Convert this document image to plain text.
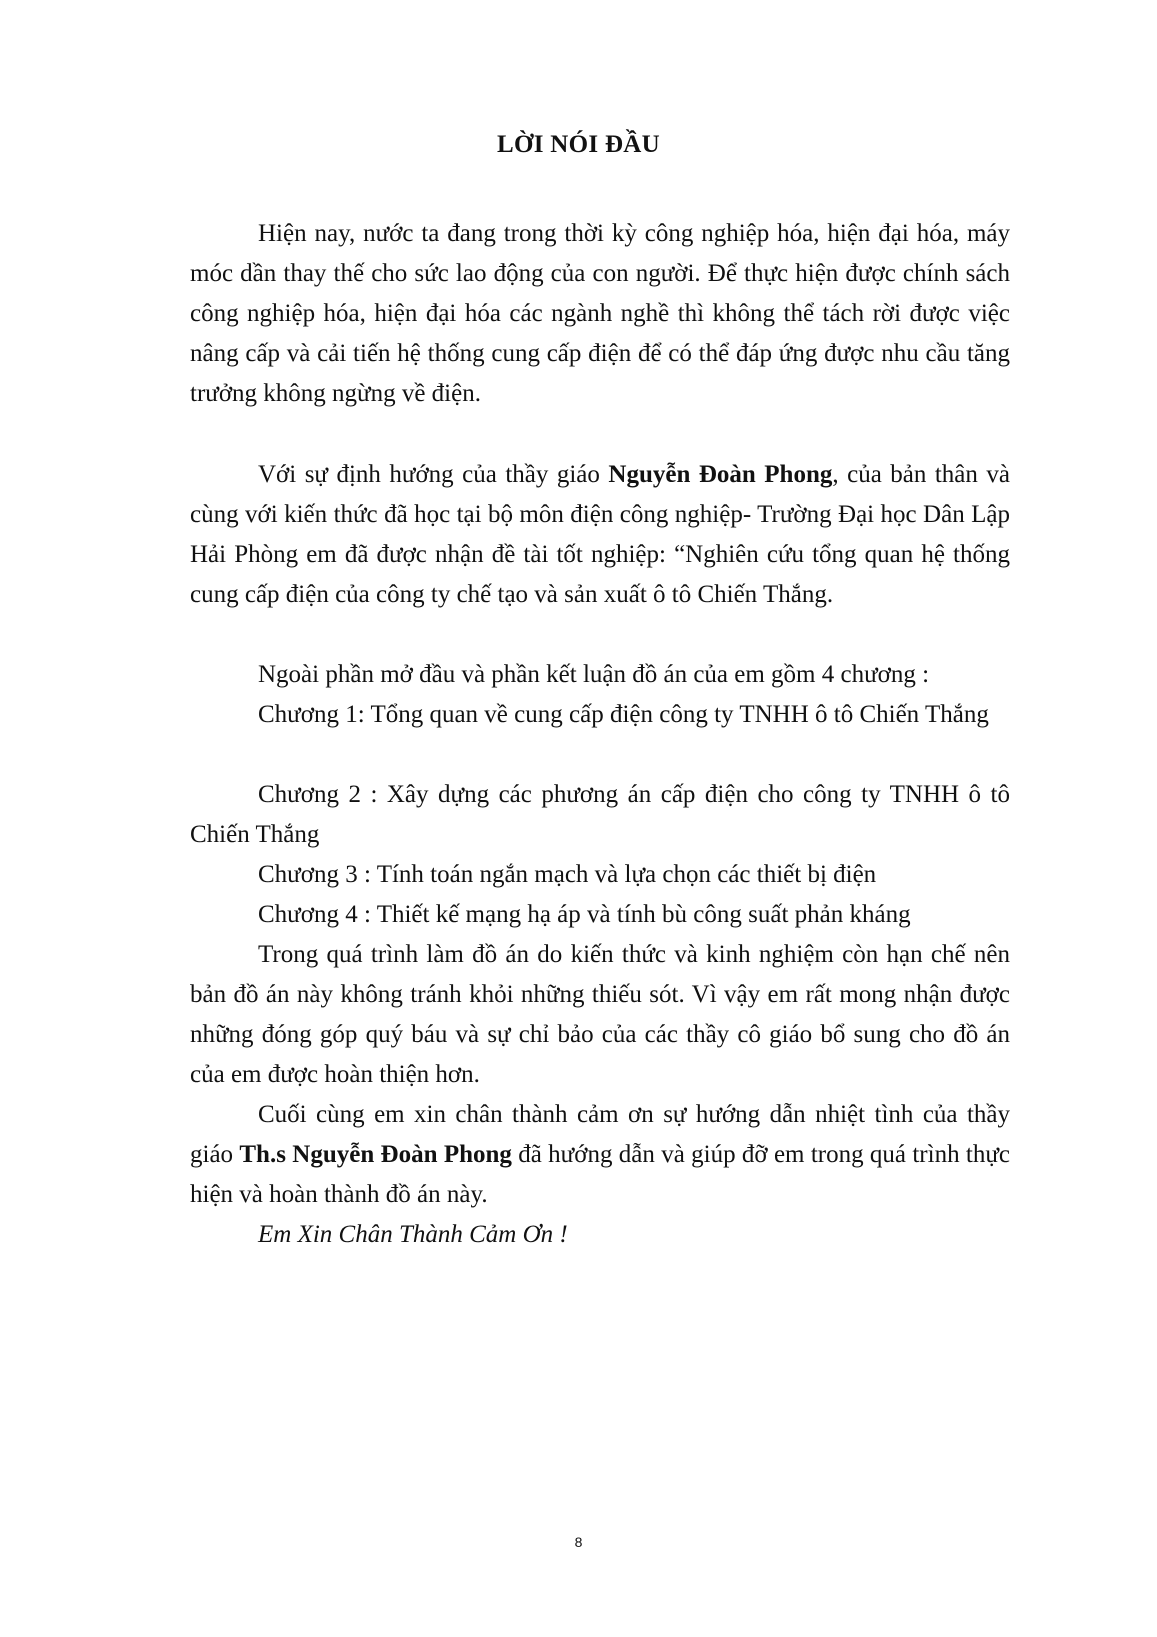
LỜI NÓI ĐẦU

Hiện nay, nước ta đang trong thời kỳ công nghiệp hóa, hiện đại hóa, máy móc dần thay thế cho sức lao động của con người. Để thực hiện được chính sách công nghiệp hóa, hiện đại hóa các ngành nghề thì không thể tách rời được việc nâng cấp và cải tiến hệ thống cung cấp điện để có thể đáp ứng được nhu cầu tăng trưởng không ngừng về điện.

Với sự định hướng của thầy giáo Nguyễn Đoàn Phong, của bản thân và cùng với kiến thức đã học tại bộ môn điện công nghiệp- Trường Đại học Dân Lập Hải Phòng em đã được nhận đề tài tốt nghiệp: “Nghiên cứu tổng quan hệ thống cung cấp điện của công ty chế tạo và sản xuất ô tô Chiến Thắng.

Ngoài phần mở đầu và phần kết luận đồ án của em gồm 4 chương :

Chương 1: Tổng quan về cung cấp điện công ty TNHH ô tô Chiến Thắng

Chương 2 : Xây dựng các phương án cấp điện cho công ty TNHH ô tô Chiến Thắng

Chương 3 : Tính toán ngắn mạch và lựa chọn các thiết bị điện

Chương 4 : Thiết kế mạng hạ áp và tính bù công suất phản kháng

Trong quá trình làm đồ án do kiến thức và kinh nghiệm còn hạn chế nên bản đồ án này không tránh khỏi những thiếu sót. Vì vậy em rất mong nhận được những đóng góp quý báu và sự chỉ bảo của các thầy cô giáo bổ sung cho đồ án của em được hoàn thiện hơn.

Cuối cùng em xin chân thành cảm ơn sự hướng dẫn nhiệt tình của thầy giáo Th.s Nguyễn Đoàn Phong đã hướng dẫn và giúp đỡ em trong quá trình thực hiện và hoàn thành đồ án này.

Em Xin Chân Thành Cảm Ơn !

8
